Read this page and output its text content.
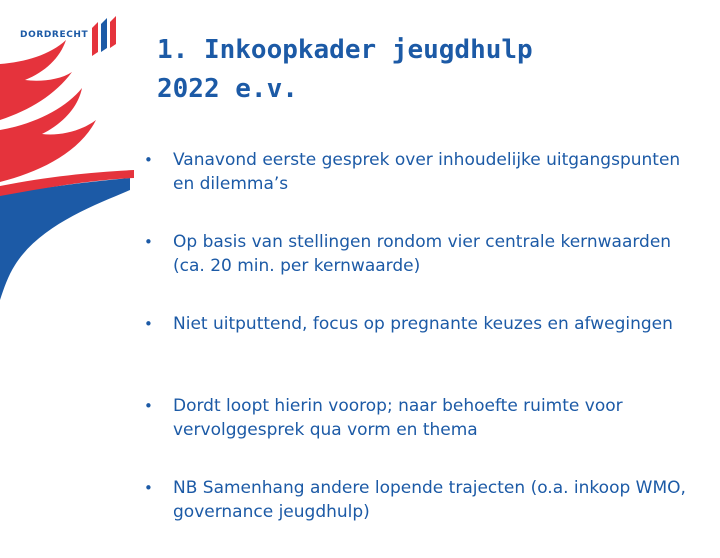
DORDRECHT	1. Inkoopkader jeugdhulp
2022 e.v.
• Vanavond eerste gesprek over inhoudelijke uitgangspunten en dilemma’s
• Op basis van stellingen rondom vier centrale kernwaarden (ca. 20 min. per kernwaarde)
• Niet uitputtend, focus op pregnante keuzes en afwegingen
• Dordt loopt hierin voorop; naar behoefte ruimte voor vervolggesprek qua vorm en thema
• NB Samenhang andere lopende trajecten (o.a. inkoop WMO, governance jeugdhulp)
